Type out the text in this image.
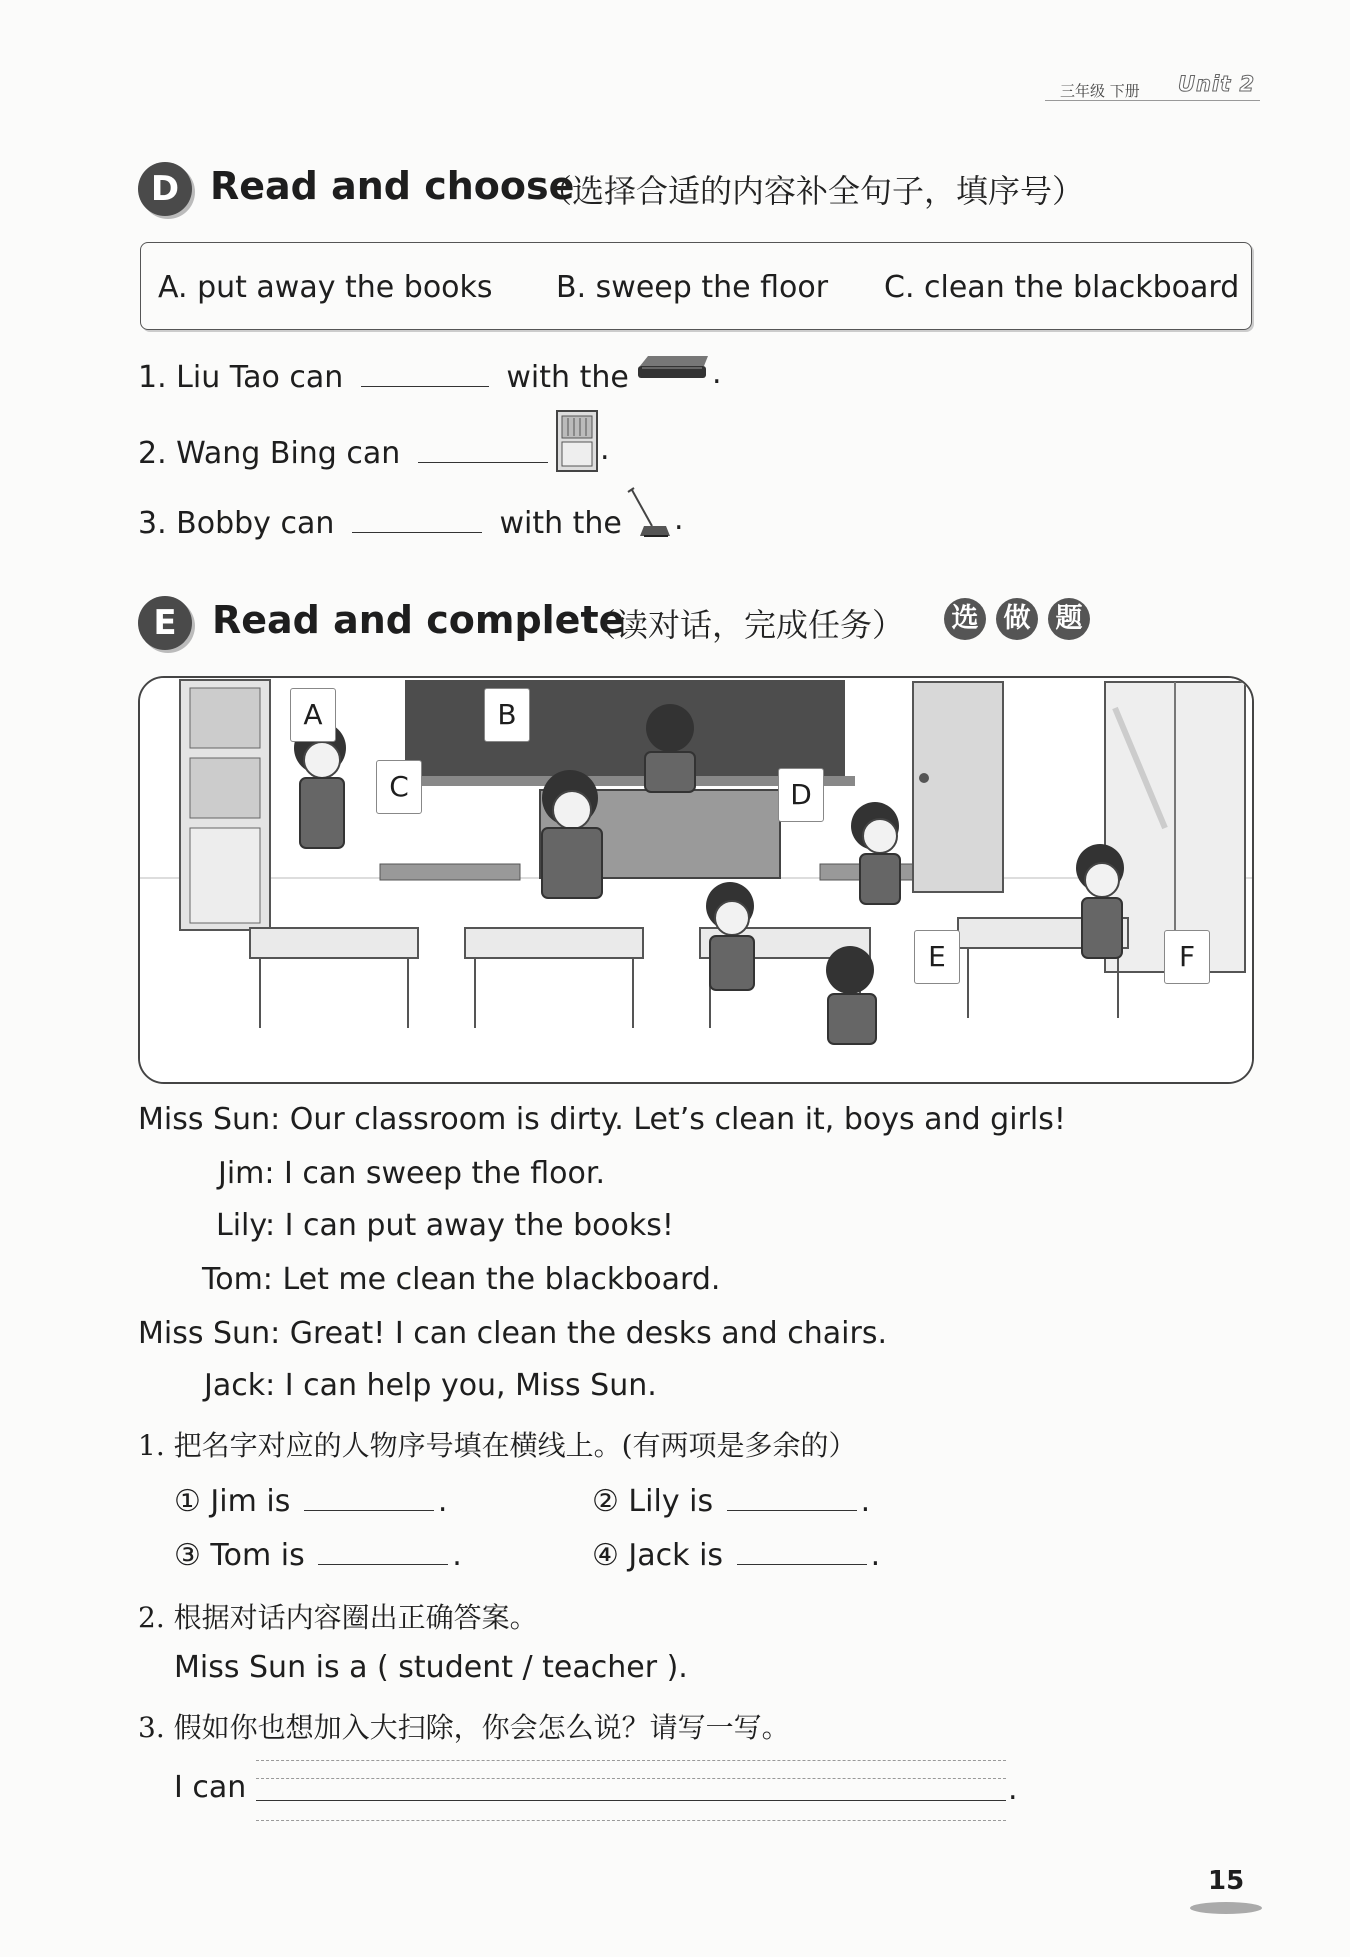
三年级 下册 Unit 2
D Read and choose
（选择合适的内容补全句子，填序号）
A. put away the books B. sweep the floor C. clean the blackboard
1. Liu Tao can	with the	.
2. Wang Bing can	.
3. Bobby can	with the .
E Read and complete
（读对话，完成任务） 选 做 题
A	B
C	D
E	F
Miss Sun: Our classroom is dirty. Let’s clean it, boys and girls!
Jim: I can sweep the floor.
Lily: I can put away the books!
Tom: Let me clean the blackboard.
Miss Sun: Great! I can clean the desks and chairs.
Jack: I can help you, Miss Sun.
1. 把名字对应的人物序号填在横线上。(有两项是多余的）
① Jim is	.	② Lily is	.
③ Tom is	.	④ Jack is	.
2. 根据对话内容圈出正确答案。
Miss Sun is a ( student / teacher ).
3. 假如你也想加入大扫除，你会怎么说？请写一写。
I can	.
15
